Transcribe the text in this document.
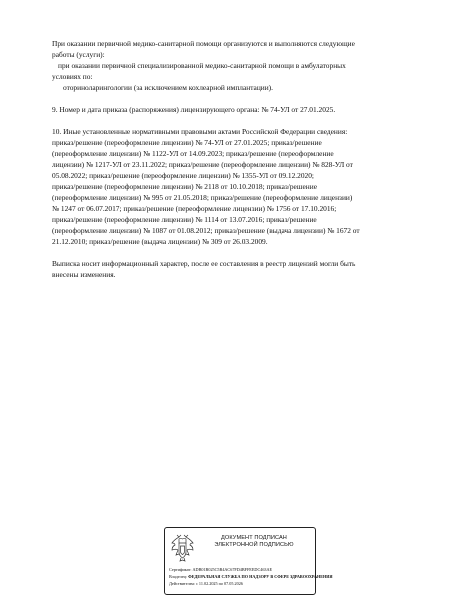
При оказании первичной медико-санитарной помощи организуются и выполняются следующие

работы (услуги):

при оказании первичной специализированной медико-санитарной помощи в амбулаторных

условиях по:

оториноларингологии (за исключением кохлеарной имплантации).

9. Номер и дата приказа (распоряжения) лицензирующего органа: № 74-УЛ от 27.01.2025.

10. Иные установленные нормативными правовыми актами Российской Федерации сведения:

приказ/решение (переоформление лицензии) № 74-УЛ от 27.01.2025; приказ/решение

(переоформление лицензии) № 1122-УЛ от 14.09.2023; приказ/решение (переоформление

лицензии) № 1217-УЛ от 23.11.2022; приказ/решение (переоформление лицензии) № 828-УЛ от

05.08.2022; приказ/решение (переоформление лицензии) № 1355-УЛ от 09.12.2020;

приказ/решение (переоформление лицензии) № 2118 от 10.10.2018; приказ/решение

(переоформление лицензии) № 995 от 21.05.2018; приказ/решение (переоформление лицензии)

№ 1247 от 06.07.2017; приказ/решение (переоформление лицензии) № 1756 от 17.10.2016;

приказ/решение (переоформление лицензии) № 1114 от 13.07.2016; приказ/решение

(переоформление лицензии) № 1087 от 01.08.2012; приказ/решение (выдача лицензии) № 1672 от

21.12.2010; приказ/решение (выдача лицензии) № 309 от 26.03.2009.

Выписка носит информационный характер, после ее составления в реестр лицензий могли быть

внесены изменения.

ДОКУМЕНТ ПОДПИСАН
ЭЛЕКТРОННОЙ ПОДПИСЬЮ
Сертификат: ADB01B025C5B4AC67FD4BFFEEDC463AE
Владелец: ФЕДЕРАЛЬНАЯ СЛУЖБА ПО НАДЗОРУ В СФЕРЕ ЗДРАВООХРАНЕНИЯ
Действителен: с 11.02.2025 по 07.05.2026
